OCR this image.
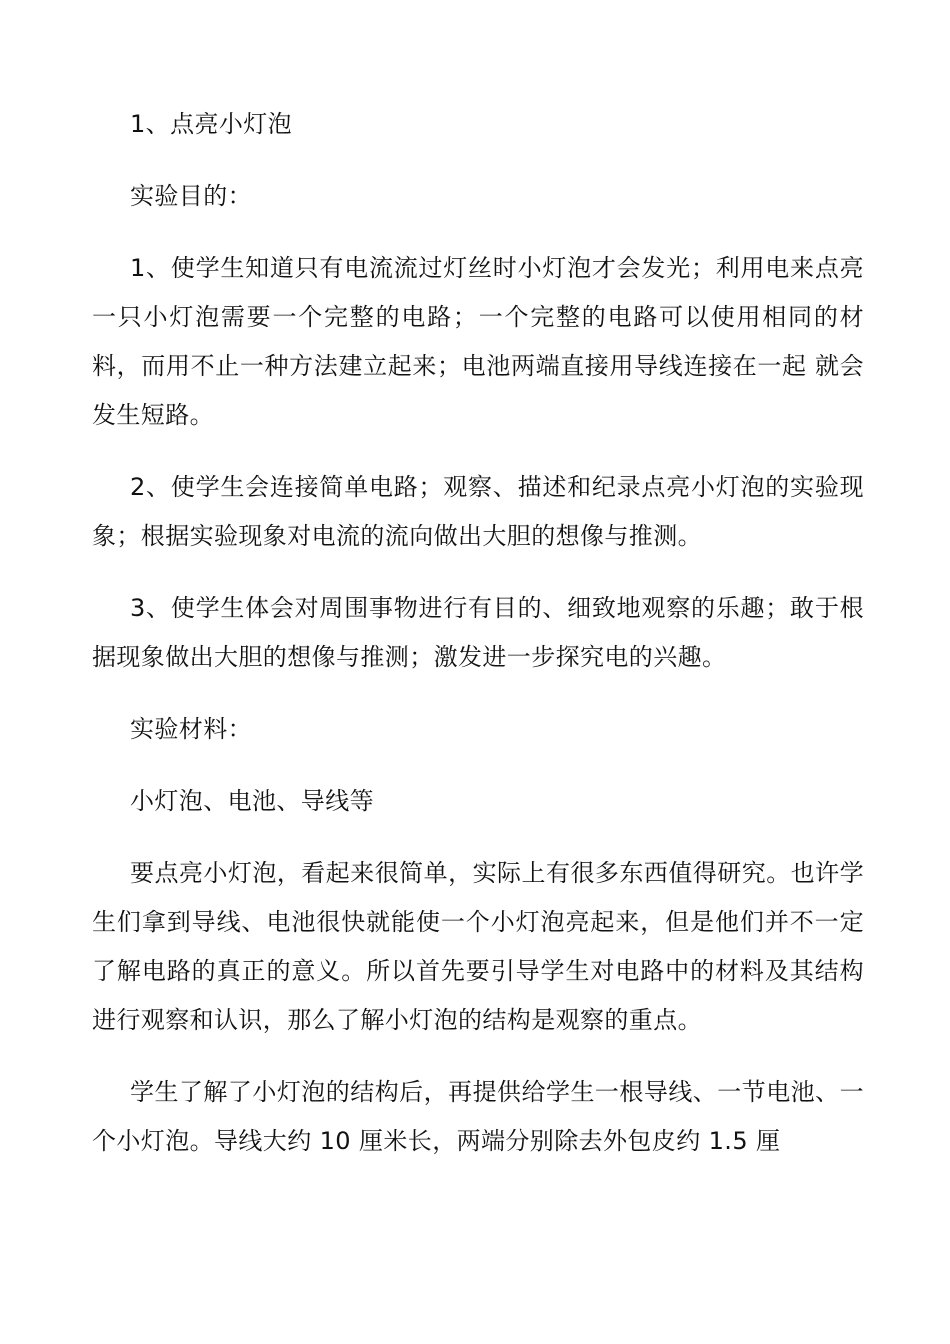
1、点亮小灯泡

实验目的：

1、使学生知道只有电流流过灯丝时小灯泡才会发光；利用电来点亮一只小灯泡需要一个完整的电路；一个完整的电路可以使用相同的材料，而用不止一种方法建立起来；电池两端直接用导线连接在一起 就会发生短路。

2、使学生会连接简单电路；观察、描述和纪录点亮小灯泡的实验现象；根据实验现象对电流的流向做出大胆的想像与推测。

3、使学生体会对周围事物进行有目的、细致地观察的乐趣；敢于根据现象做出大胆的想像与推测；激发进一步探究电的兴趣。

实验材料：

小灯泡、电池、导线等

要点亮小灯泡，看起来很简单，实际上有很多东西值得研究。也许学生们拿到导线、电池很快就能使一个小灯泡亮起来，但是他们并不一定了解电路的真正的意义。所以首先要引导学生对电路中的材料及其结构进行观察和认识，那么了解小灯泡的结构是观察的重点。

学生了解了小灯泡的结构后，再提供给学生一根导线、一节电池、一个小灯泡。导线大约 10 厘米长，两端分别除去外包皮约 1.5 厘
